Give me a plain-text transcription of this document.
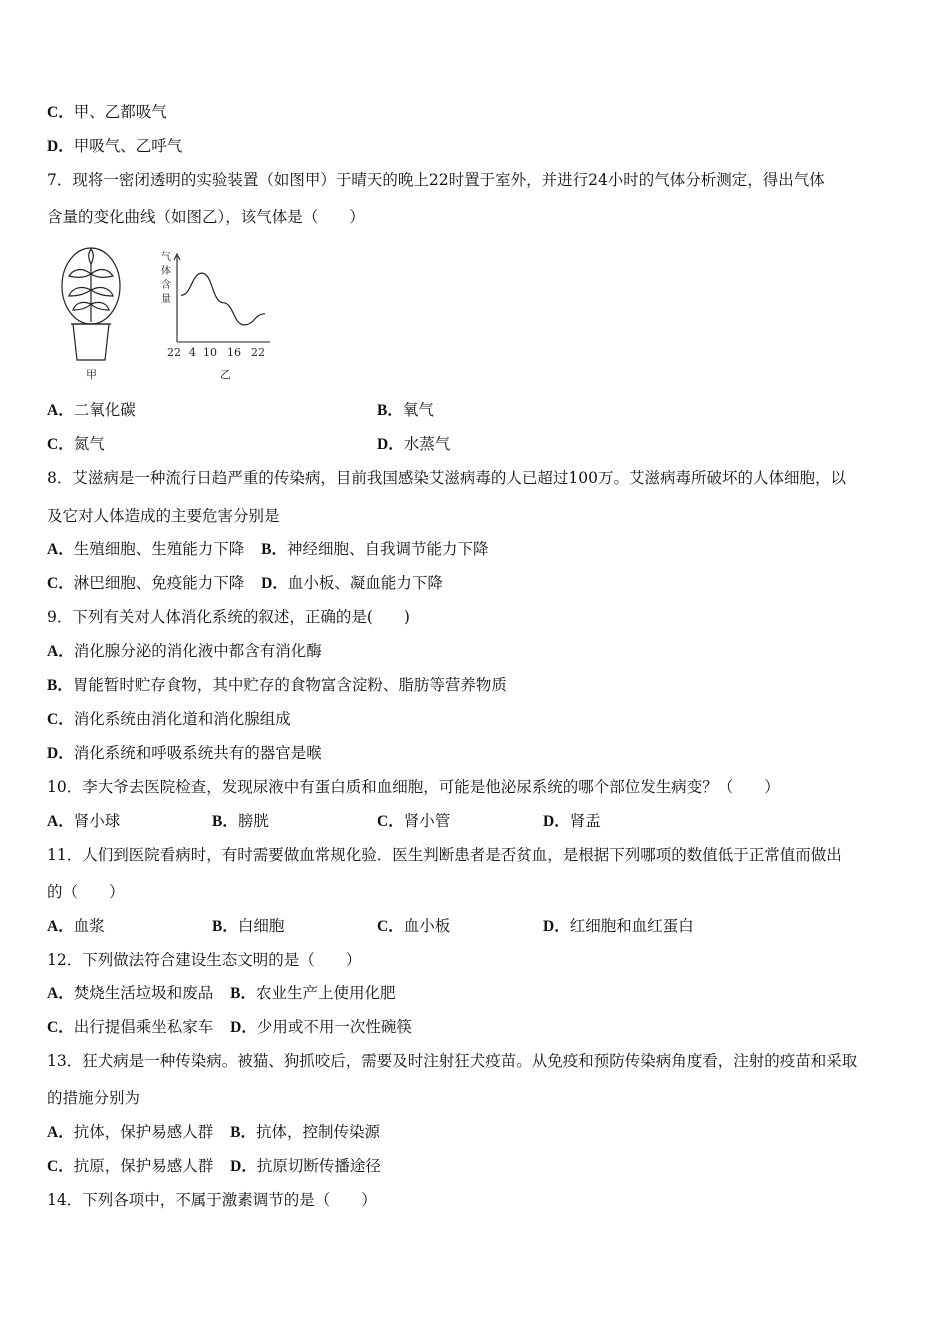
C．甲、乙都吸气
D．甲吸气、乙呼气
7．现将一密闭透明的实验装置（如图甲）于晴天的晚上22时置于室外，并进行24小时的气体分析测定，得出气体
含量的变化曲线（如图乙），该气体是（　　）
甲
气
体
含
量
22 4 10 16 22
乙
A．二氧化碳	B．氧气
C．氮气	D．水蒸气
8．艾滋病是一种流行日趋严重的传染病，目前我国感染艾滋病毒的人已超过100万。艾滋病毒所破坏的人体细胞，以
及它对人体造成的主要危害分别是
A．生殖细胞、生殖能力下降 B．神经细胞、自我调节能力下降
C．淋巴细胞、免疫能力下降 D．血小板、凝血能力下降
9．下列有关对人体消化系统的叙述，正确的是(　　)
A．消化腺分泌的消化液中都含有消化酶
B．胃能暂时贮存食物，其中贮存的食物富含淀粉、脂肪等营养物质
C．消化系统由消化道和消化腺组成
D．消化系统和呼吸系统共有的器官是喉
10．李大爷去医院检查，发现尿液中有蛋白质和血细胞，可能是他泌尿系统的哪个部位发生病变？（　　）
A．肾小球	B．膀胱	C．肾小管	D．肾盂
11．人们到医院看病时，有时需要做血常规化验．医生判断患者是否贫血，是根据下列哪项的数值低于正常值而做出
的（　　）
A．血浆	B．白细胞	C．血小板	D．红细胞和血红蛋白
12．下列做法符合建设生态文明的是（　　）
A．焚烧生活垃圾和废品 B．农业生产上使用化肥
C．出行提倡乘坐私家车 D．少用或不用一次性碗筷
13．狂犬病是一种传染病。被猫、狗抓咬后，需要及时注射狂犬疫苗。从免疫和预防传染病角度看，注射的疫苗和采取
的措施分别为
A．抗体，保护易感人群 B．抗体，控制传染源
C．抗原，保护易感人群 D．抗原切断传播途径
14．下列各项中，不属于激素调节的是（　　）
